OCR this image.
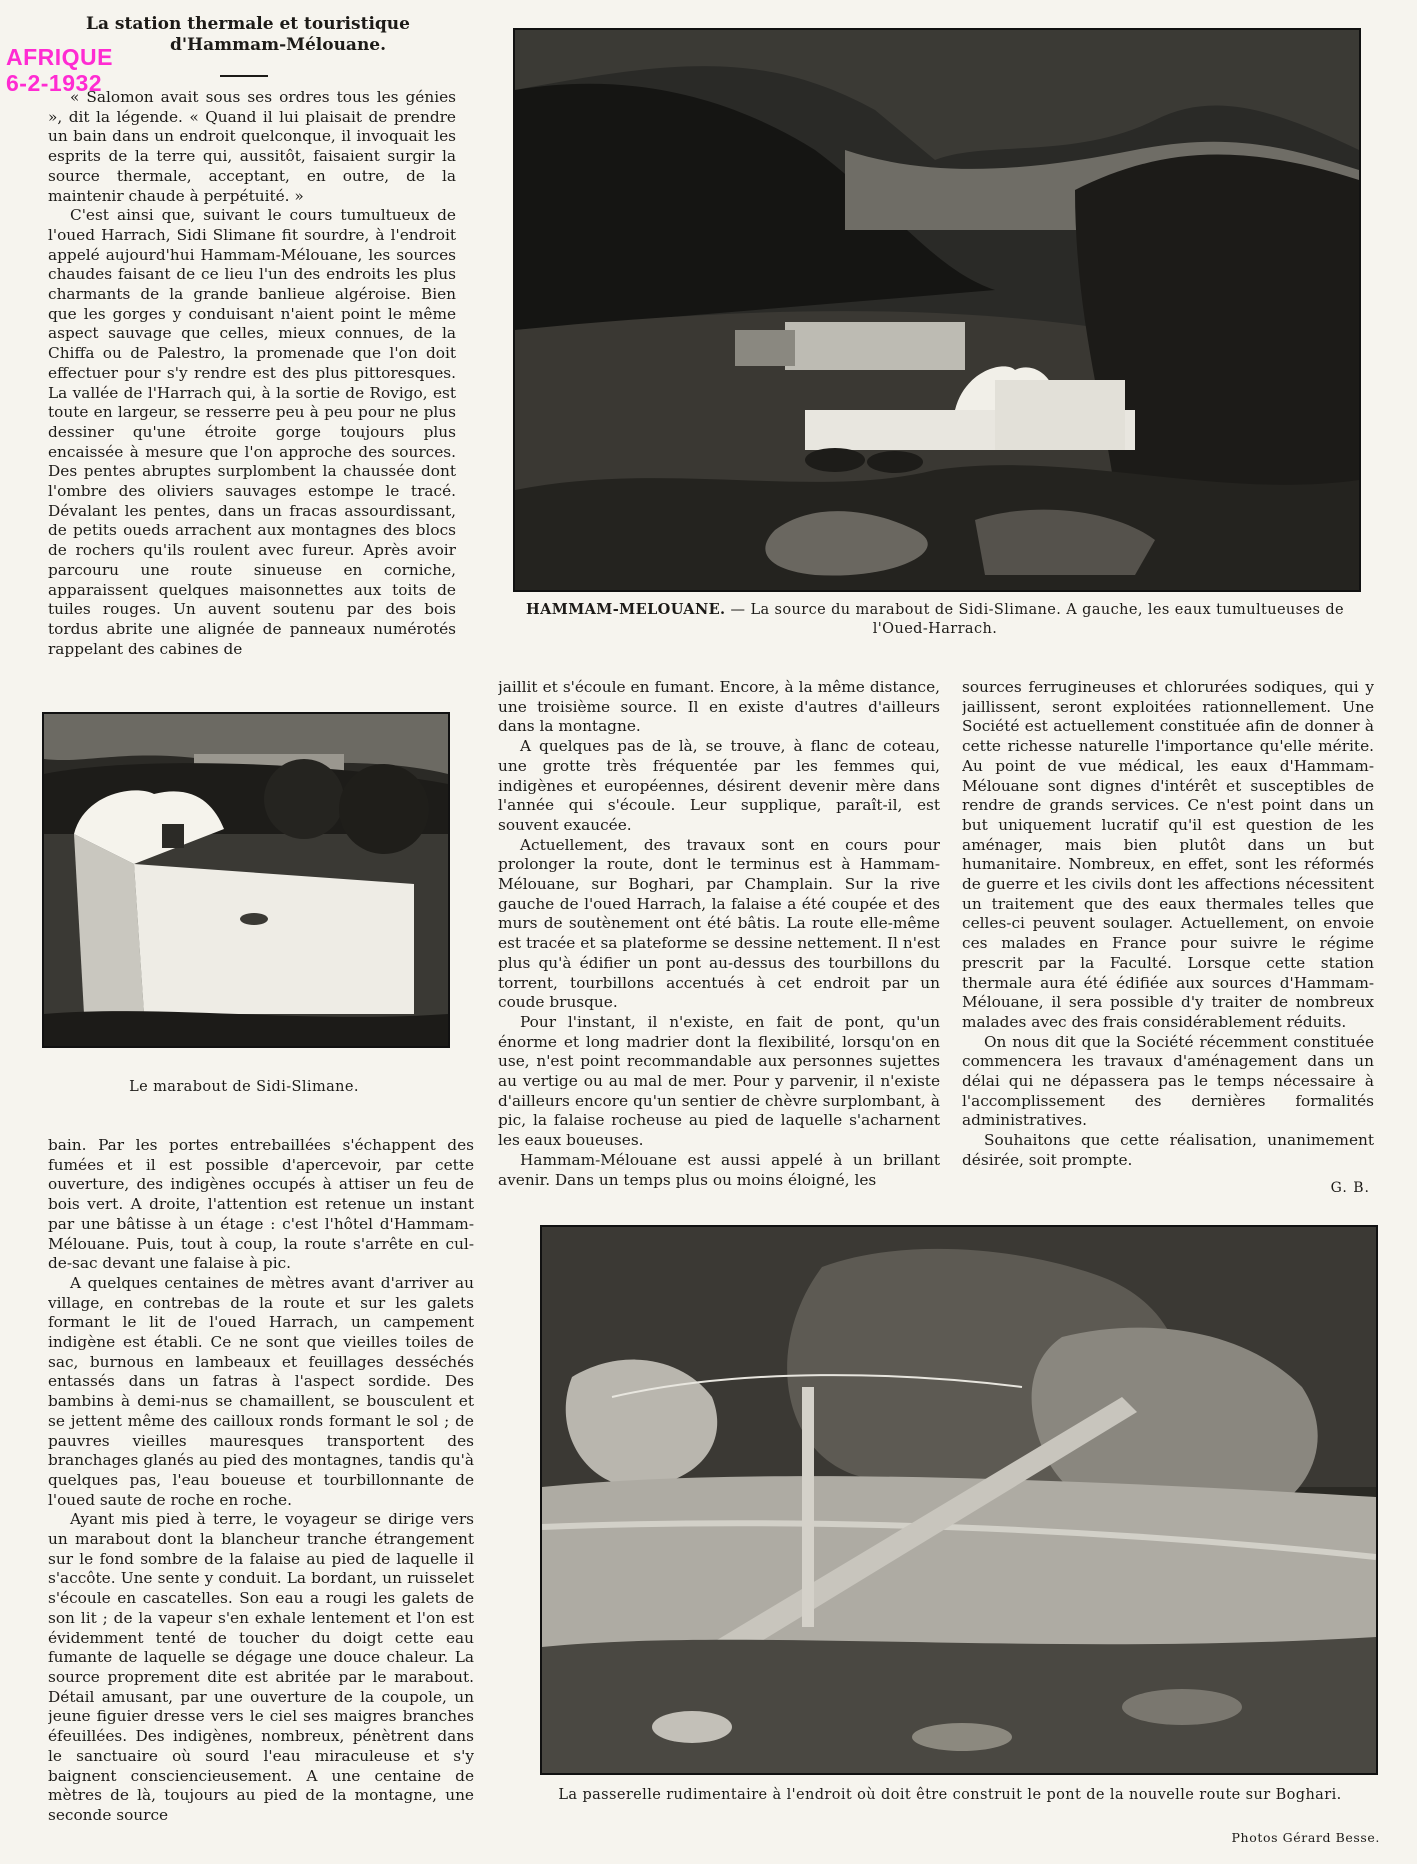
AFRIQUE
6-2-1932
La station thermale et touristique
d'Hammam-Mélouane.

« Salomon avait sous ses ordres tous les génies », dit la légende. « Quand il lui plaisait de prendre un bain dans un endroit quelconque, il invoquait les esprits de la terre qui, aussitôt, faisaient surgir la source thermale, acceptant, en outre, de la maintenir chaude à perpétuité. »

C'est ainsi que, suivant le cours tumultueux de l'oued Harrach, Sidi Slimane fit sourdre, à l'endroit appelé aujourd'hui Hammam-Mélouane, les sources chaudes faisant de ce lieu l'un des endroits les plus charmants de la grande banlieue algéroise. Bien que les gorges y conduisant n'aient point le même aspect sauvage que celles, mieux connues, de la Chiffa ou de Palestro, la promenade que l'on doit effectuer pour s'y rendre est des plus pittoresques. La vallée de l'Harrach qui, à la sortie de Rovigo, est toute en largeur, se resserre peu à peu pour ne plus dessiner qu'une étroite gorge toujours plus encaissée à mesure que l'on approche des sources. Des pentes abruptes surplombent la chaussée dont l'ombre des oliviers sauvages estompe le tracé. Dévalant les pentes, dans un fracas assourdissant, de petits oueds arrachent aux montagnes des blocs de rochers qu'ils roulent avec fureur. Après avoir parcouru une route sinueuse en corniche, apparaissent quelques maisonnettes aux toits de tuiles rouges. Un auvent soutenu par des bois tordus abrite une alignée de panneaux numérotés rappelant des cabines de

HAMMAM-MELOUANE. — La source du marabout de Sidi-Slimane. A gauche, les eaux tumultueuses de l'Oued-Harrach.
Le marabout de Sidi-Slimane.

bain. Par les portes entrebaillées s'échappent des fumées et il est possible d'apercevoir, par cette ouverture, des indigènes occupés à attiser un feu de bois vert. A droite, l'attention est retenue un instant par une bâtisse à un étage : c'est l'hôtel d'Hammam-Mélouane. Puis, tout à coup, la route s'arrête en cul-de-sac devant une falaise à pic.

A quelques centaines de mètres avant d'arriver au village, en contrebas de la route et sur les galets formant le lit de l'oued Harrach, un campement indigène est établi. Ce ne sont que vieilles toiles de sac, burnous en lambeaux et feuillages desséchés entassés dans un fatras à l'aspect sordide. Des bambins à demi-nus se chamaillent, se bousculent et se jettent même des cailloux ronds formant le sol ; de pauvres vieilles mauresques transportent des branchages glanés au pied des montagnes, tandis qu'à quelques pas, l'eau boueuse et tourbillonnante de l'oued saute de roche en roche.

Ayant mis pied à terre, le voyageur se dirige vers un marabout dont la blancheur tranche étrangement sur le fond sombre de la falaise au pied de laquelle il s'accôte. Une sente y conduit. La bordant, un ruisselet s'écoule en cascatelles. Son eau a rougi les galets de son lit ; de la vapeur s'en exhale lentement et l'on est évidemment tenté de toucher du doigt cette eau fumante de laquelle se dégage une douce chaleur. La source proprement dite est abritée par le marabout. Détail amusant, par une ouverture de la coupole, un jeune figuier dresse vers le ciel ses maigres branches éfeuillées. Des indigènes, nombreux, pénètrent dans le sanctuaire où sourd l'eau miraculeuse et s'y baignent consciencieusement. A une centaine de mètres de là, toujours au pied de la montagne, une seconde source

jaillit et s'écoule en fumant. Encore, à la même distance, une troisième source. Il en existe d'autres d'ailleurs dans la montagne.

A quelques pas de là, se trouve, à flanc de coteau, une grotte très fréquentée par les femmes qui, indigènes et européennes, désirent devenir mère dans l'année qui s'écoule. Leur supplique, paraît-il, est souvent exaucée.

Actuellement, des travaux sont en cours pour prolonger la route, dont le terminus est à Hammam-Mélouane, sur Boghari, par Champlain. Sur la rive gauche de l'oued Harrach, la falaise a été coupée et des murs de soutènement ont été bâtis. La route elle-même est tracée et sa plateforme se dessine nettement. Il n'est plus qu'à édifier un pont au-dessus des tourbillons du torrent, tourbillons accentués à cet endroit par un coude brusque.

Pour l'instant, il n'existe, en fait de pont, qu'un énorme et long madrier dont la flexibilité, lorsqu'on en use, n'est point recommandable aux personnes sujettes au vertige ou au mal de mer. Pour y parvenir, il n'existe d'ailleurs encore qu'un sentier de chèvre surplombant, à pic, la falaise rocheuse au pied de laquelle s'acharnent les eaux boueuses.

Hammam-Mélouane est aussi appelé à un brillant avenir. Dans un temps plus ou moins éloigné, les

sources ferrugineuses et chlorurées sodiques, qui y jaillissent, seront exploitées rationnellement. Une Société est actuellement constituée afin de donner à cette richesse naturelle l'importance qu'elle mérite. Au point de vue médical, les eaux d'Hammam-Mélouane sont dignes d'intérêt et susceptibles de rendre de grands services. Ce n'est point dans un but uniquement lucratif qu'il est question de les aménager, mais bien plutôt dans un but humanitaire. Nombreux, en effet, sont les réformés de guerre et les civils dont les affections nécessitent un traitement que des eaux thermales telles que celles-ci peuvent soulager. Actuellement, on envoie ces malades en France pour suivre le régime prescrit par la Faculté. Lorsque cette station thermale aura été édifiée aux sources d'Hammam-Mélouane, il sera possible d'y traiter de nombreux malades avec des frais considérablement réduits.

On nous dit que la Société récemment constituée commencera les travaux d'aménagement dans un délai qui ne dépassera pas le temps nécessaire à l'accomplissement des dernières formalités administratives.

Souhaitons que cette réalisation, unanimement désirée, soit prompte.

G. B.
La passerelle rudimentaire à l'endroit où doit être construit le pont de la nouvelle route sur Boghari.
Photos Gérard Besse.
